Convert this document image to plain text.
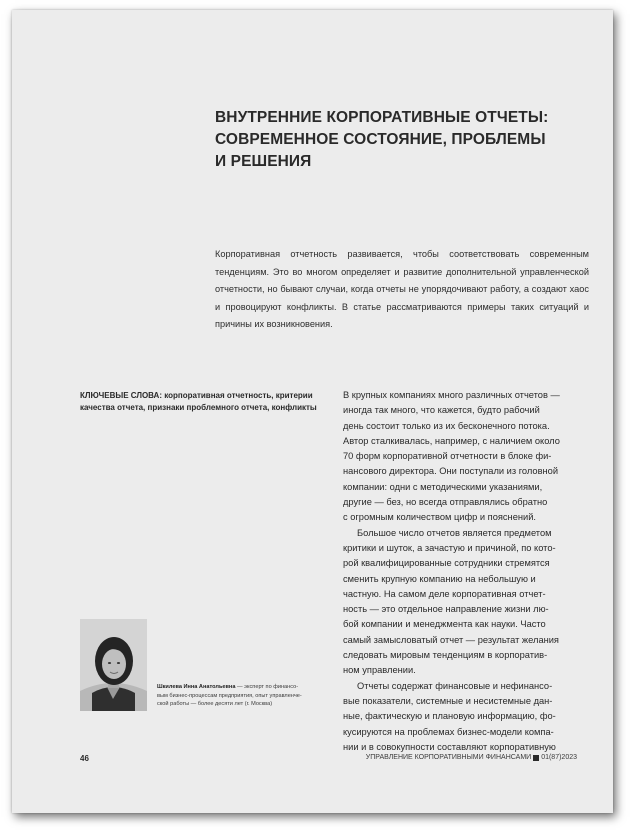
ВНУТРЕННИЕ КОРПОРАТИВНЫЕ ОТЧЕТЫ:
СОВРЕМЕННОЕ СОСТОЯНИЕ, ПРОБЛЕМЫ
И РЕШЕНИЯ
Корпоративная отчетность развивается, чтобы соответствовать современным тенденциям. Это во многом определяет и развитие дополнительной управленческой отчетности, но бывают случаи, когда отчеты не упорядочивают работу, а создают хаос и провоцируют конфликты. В статье рассматриваются примеры таких ситуаций и причины их возникновения.
КЛЮЧЕВЫЕ СЛОВА: корпоративная отчетность, критерии качества отчета, признаки проблемного отчета, конфликты
В крупных компаниях много различных отчетов —
иногда так много, что кажется, будто рабочий
день состоит только из их бесконечного потока.
Автор сталкивалась, например, с наличием около
70 форм корпоративной отчетности в блоке фи-
нансового директора. Они поступали из головной
компании: одни с методическими указаниями,
другие — без, но всегда отправлялись обратно
с огромным количеством цифр и пояснений.
Большое число отчетов является предметом
критики и шуток, а зачастую и причиной, по кото-
рой квалифицированные сотрудники стремятся
сменить крупную компанию на небольшую и
частную. На самом деле корпоративная отчет-
ность — это отдельное направление жизни лю-
бой компании и менеджмента как науки. Часто
самый замысловатый отчет — результат желания
следовать мировым тенденциям в корпоратив-
ном управлении.
Отчеты содержат финансовые и нефинансо-
вые показатели, системные и несистемные дан-
ные, фактическую и плановую информацию, фо-
кусируются на проблемах бизнес-модели компа-
нии и в совокупности составляют корпоративную
Шкилева Инна Анатольевна — эксперт по финансо-
вым бизнес-процессам предприятия, опыт управленче-
ской работы — более десяти лет (г. Москва)
46	УПРАВЛЕНИЕ КОРПОРАТИВНЫМИ ФИНАНСАМИ 01(87)2023
